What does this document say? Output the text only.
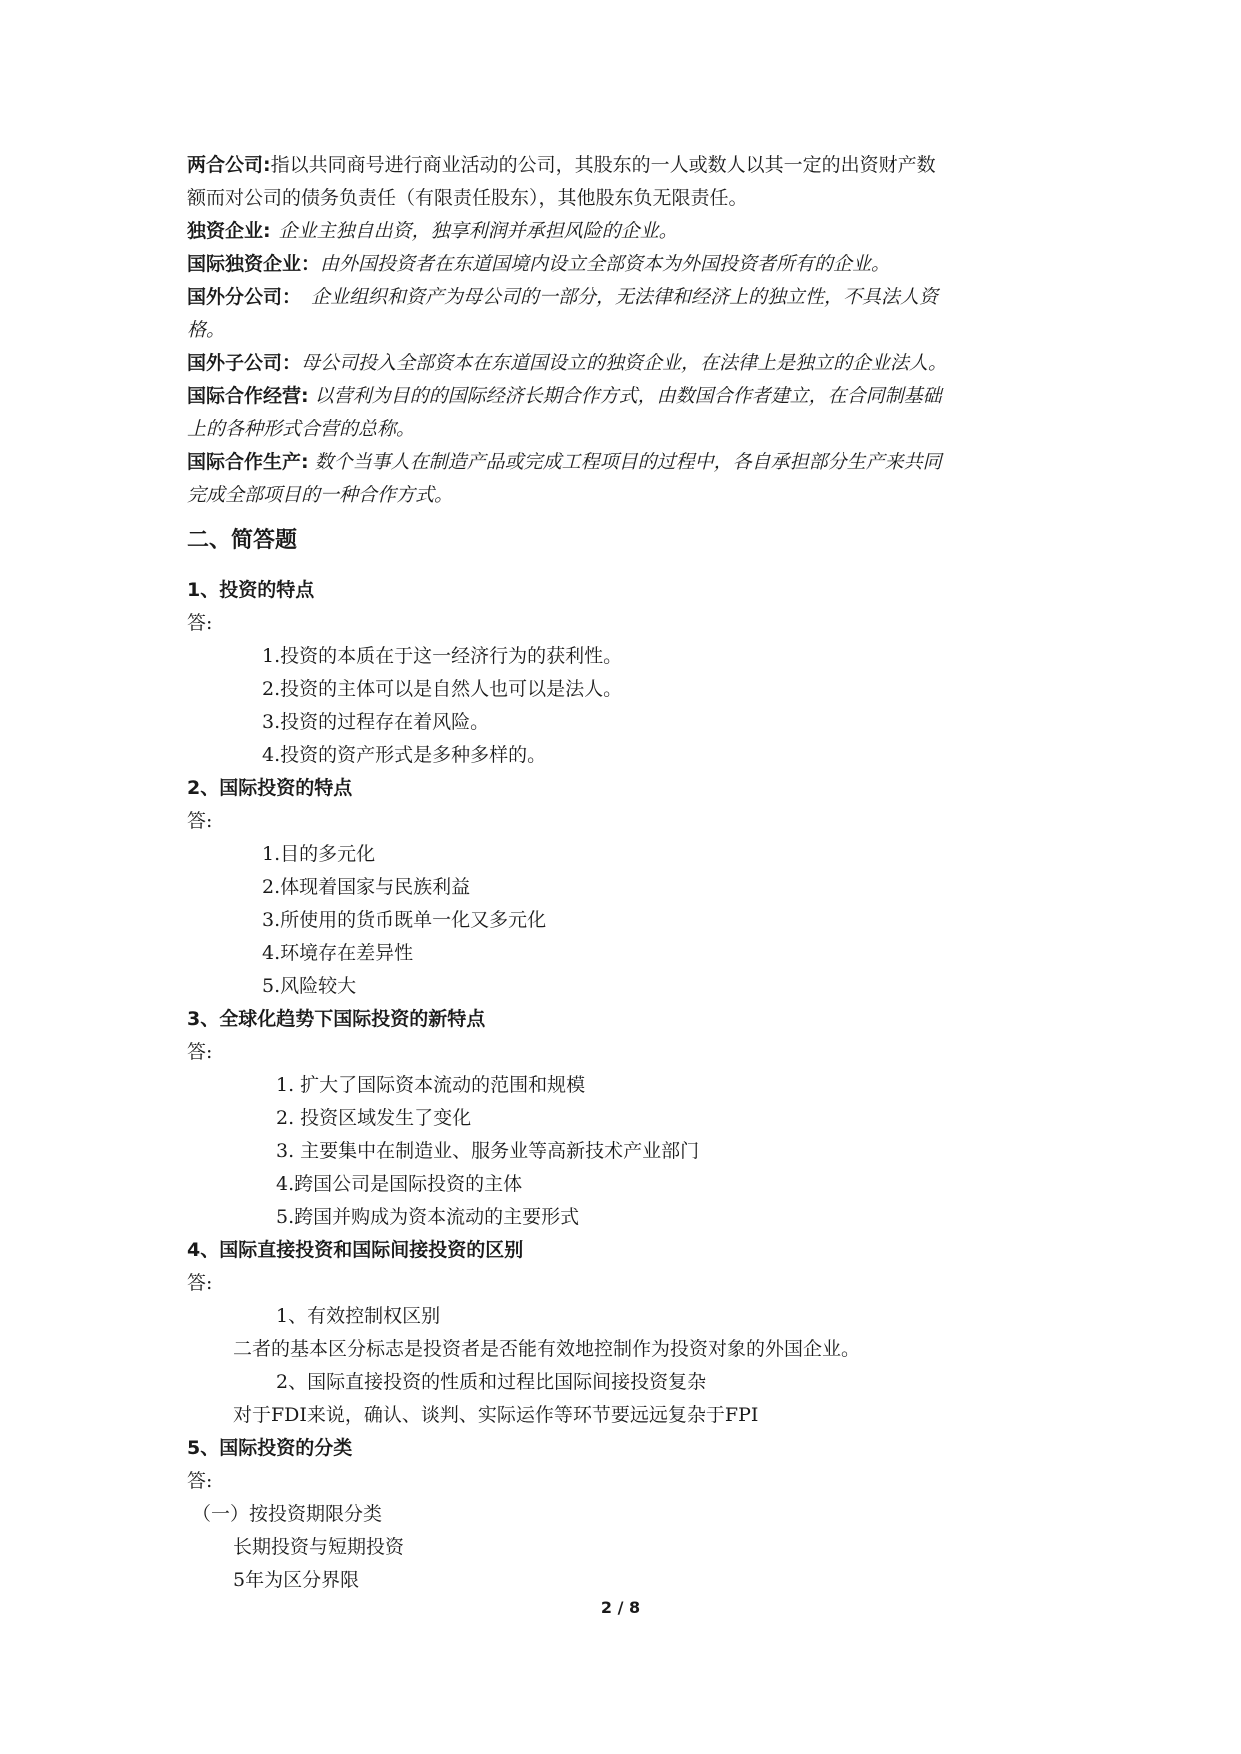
两合公司:指以共同商号进行商业活动的公司，其股东的一人或数人以其一定的出资财产数
额而对公司的债务负责任（有限责任股东），其他股东负无限责任。
独资企业: 企业主独自出资，独享利润并承担风险的企业。
国际独资企业：由外国投资者在东道国境内设立全部资本为外国投资者所有的企业。
国外分公司： 企业组织和资产为母公司的一部分，无法律和经济上的独立性，不具法人资
格。
国外子公司：母公司投入全部资本在东道国设立的独资企业，在法律上是独立的企业法人。
国际合作经营: 以营利为目的的国际经济长期合作方式，由数国合作者建立，在合同制基础
上的各种形式合营的总称。
国际合作生产: 数个当事人在制造产品或完成工程项目的过程中，各自承担部分生产来共同
完成全部项目的一种合作方式。
二、简答题
1、投资的特点
答:
1.投资的本质在于这一经济行为的获利性。
2.投资的主体可以是自然人也可以是法人。
3.投资的过程存在着风险。
4.投资的资产形式是多种多样的。
2、国际投资的特点
答:
1.目的多元化
2.体现着国家与民族利益
3.所使用的货币既单一化又多元化
4.环境存在差异性
5.风险较大
3、全球化趋势下国际投资的新特点
答:
1. 扩大了国际资本流动的范围和规模
2. 投资区域发生了变化
3. 主要集中在制造业、服务业等高新技术产业部门
4.跨国公司是国际投资的主体
5.跨国并购成为资本流动的主要形式
4、国际直接投资和国际间接投资的区别
答:
1、有效控制权区别
二者的基本区分标志是投资者是否能有效地控制作为投资对象的外国企业。
2、国际直接投资的性质和过程比国际间接投资复杂
对于FDI来说，确认、谈判、实际运作等环节要远远复杂于FPI
5、国际投资的分类
答:
（一）按投资期限分类
长期投资与短期投资
5年为区分界限
2 / 8
